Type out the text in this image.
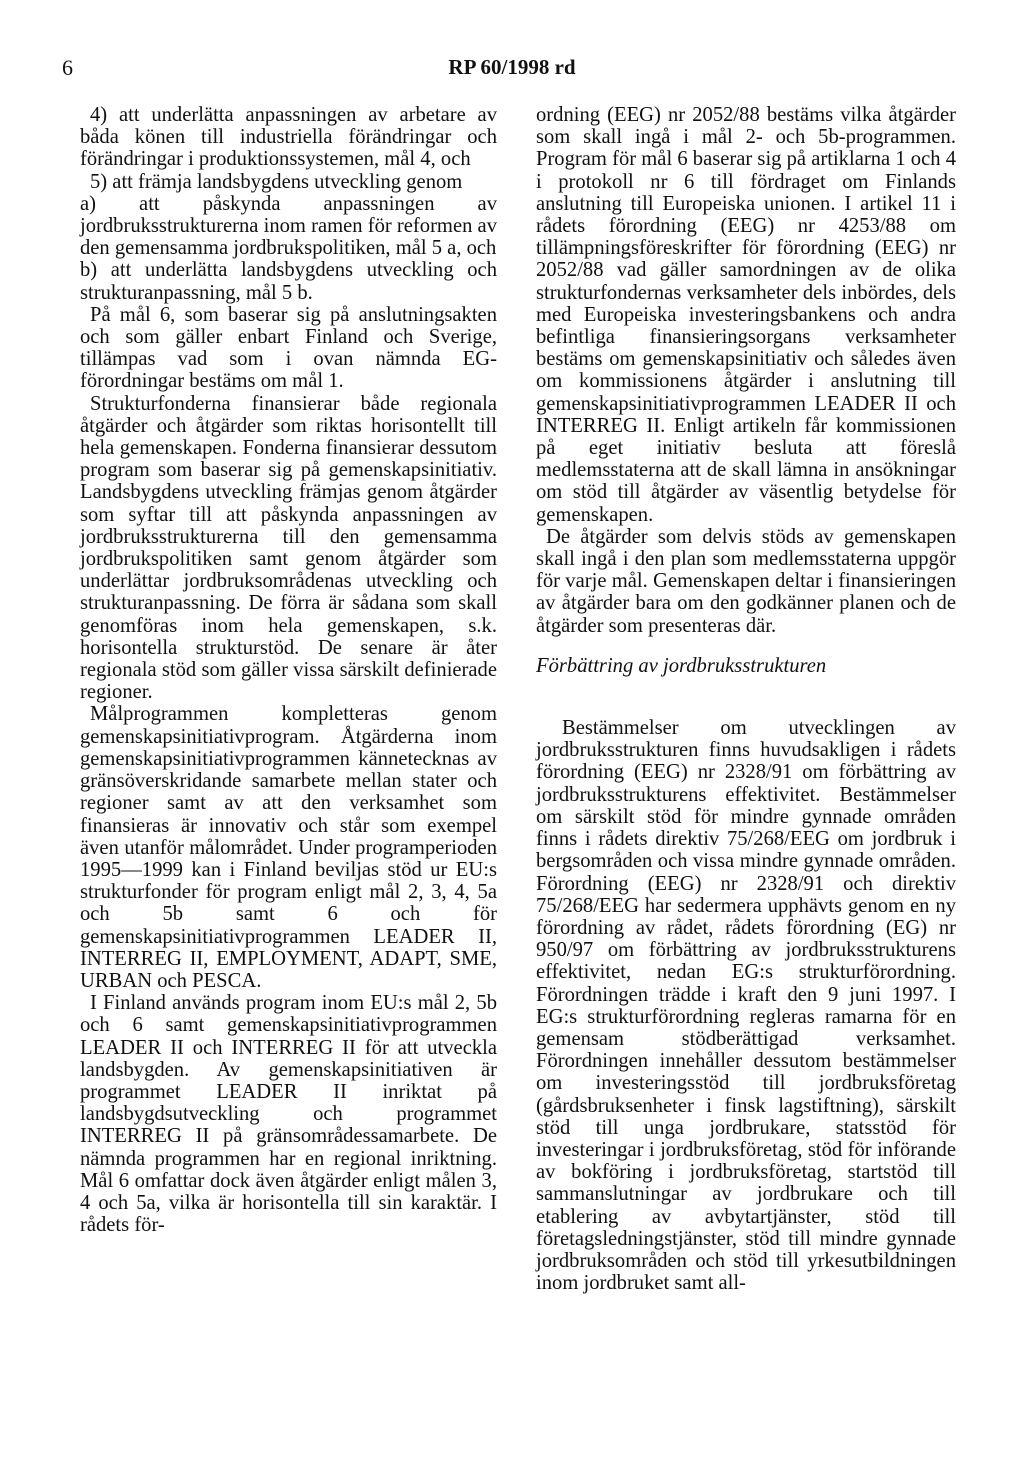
6	RP 60/1998 rd

4) att underlätta anpassningen av arbetare av båda könen till industriella förändringar och förändringar i produktionssystemen, mål 4, och

5) att främja landsbygdens utveckling genom

a) att påskynda anpassningen av jordbruksstrukturerna inom ramen för reformen av den gemensamma jordbrukspolitiken, mål 5 a, och

b) att underlätta landsbygdens utveckling och strukturanpassning, mål 5 b.

På mål 6, som baserar sig på anslutningsakten och som gäller enbart Finland och Sverige, tillämpas vad som i ovan nämnda EG-förordningar bestäms om mål 1.

Strukturfonderna finansierar både regionala åtgärder och åtgärder som riktas horisontellt till hela gemenskapen. Fonderna finansierar dessutom program som baserar sig på gemenskapsinitiativ. Landsbygdens utveckling främjas genom åtgärder som syftar till att påskynda anpassningen av jordbruksstrukturerna till den gemensamma jordbrukspolitiken samt genom åtgärder som underlättar jordbruksområdenas utveckling och strukturanpassning. De förra är sådana som skall genomföras inom hela gemenskapen, s.k. horisontella strukturstöd. De senare är åter regionala stöd som gäller vissa särskilt definierade regioner.

Målprogrammen kompletteras genom gemenskapsinitiativprogram. Åtgärderna inom gemenskapsinitiativprogrammen kännetecknas av gränsöverskridande samarbete mellan stater och regioner samt av att den verksamhet som finansieras är innovativ och står som exempel även utanför målområdet. Under programperioden 1995—1999 kan i Finland beviljas stöd ur EU:s strukturfonder för program enligt mål 2, 3, 4, 5a och 5b samt 6 och för gemenskapsinitiativprogrammen LEADER II, INTERREG II, EMPLOYMENT, ADAPT, SME, URBAN och PESCA.

I Finland används program inom EU:s mål 2, 5b och 6 samt gemenskapsinitiativprogrammen LEADER II och INTERREG II för att utveckla landsbygden. Av gemenskapsinitiativen är programmet LEADER II inriktat på landsbygdsutveckling och programmet INTERREG II på gränsområdessamarbete. De nämnda programmen har en regional inriktning. Mål 6 omfattar dock även åtgärder enligt målen 3, 4 och 5a, vilka är horisontella till sin karaktär. I rådets för-

ordning (EEG) nr 2052/88 bestäms vilka åtgärder som skall ingå i mål 2- och 5b-programmen. Program för mål 6 baserar sig på artiklarna 1 och 4 i protokoll nr 6 till fördraget om Finlands anslutning till Europeiska unionen. I artikel 11 i rådets förordning (EEG) nr 4253/88 om tillämpningsföreskrifter för förordning (EEG) nr 2052/88 vad gäller samordningen av de olika strukturfondernas verksamheter dels inbördes, dels med Europeiska investeringsbankens och andra befintliga finansieringsorgans verksamheter bestäms om gemenskapsinitiativ och således även om kommissionens åtgärder i anslutning till gemenskapsinitiativprogrammen LEADER II och INTERREG II. Enligt artikeln får kommissionen på eget initiativ besluta att föreslå medlemsstaterna att de skall lämna in ansökningar om stöd till åtgärder av väsentlig betydelse för gemenskapen.

De åtgärder som delvis stöds av gemenskapen skall ingå i den plan som medlemsstaterna uppgör för varje mål. Gemenskapen deltar i finansieringen av åtgärder bara om den godkänner planen och de åtgärder som presenteras där.

Förbättring av jordbruksstrukturen

Bestämmelser om utvecklingen av jordbruksstrukturen finns huvudsakligen i rådets förordning (EEG) nr 2328/91 om förbättring av jordbruksstrukturens effektivitet. Bestämmelser om särskilt stöd för mindre gynnade områden finns i rådets direktiv 75/268/EEG om jordbruk i bergsområden och vissa mindre gynnade områden. Förordning (EEG) nr 2328/91 och direktiv 75/268/EEG har sedermera upphävts genom en ny förordning av rådet, rådets förordning (EG) nr 950/97 om förbättring av jordbruksstrukturens effektivitet, nedan EG:s strukturförordning. Förordningen trädde i kraft den 9 juni 1997. I EG:s strukturförordning regleras ramarna för en gemensam stödberättigad verksamhet. Förordningen innehåller dessutom bestämmelser om investeringsstöd till jordbruksföretag (gårdsbruksenheter i finsk lagstiftning), särskilt stöd till unga jordbrukare, statsstöd för investeringar i jordbruksföretag, stöd för införande av bokföring i jordbruksföretag, startstöd till sammanslutningar av jordbrukare och till etablering av avbytartjänster, stöd till företagsledningstjänster, stöd till mindre gynnade jordbruksområden och stöd till yrkesutbildningen inom jordbruket samt all-
